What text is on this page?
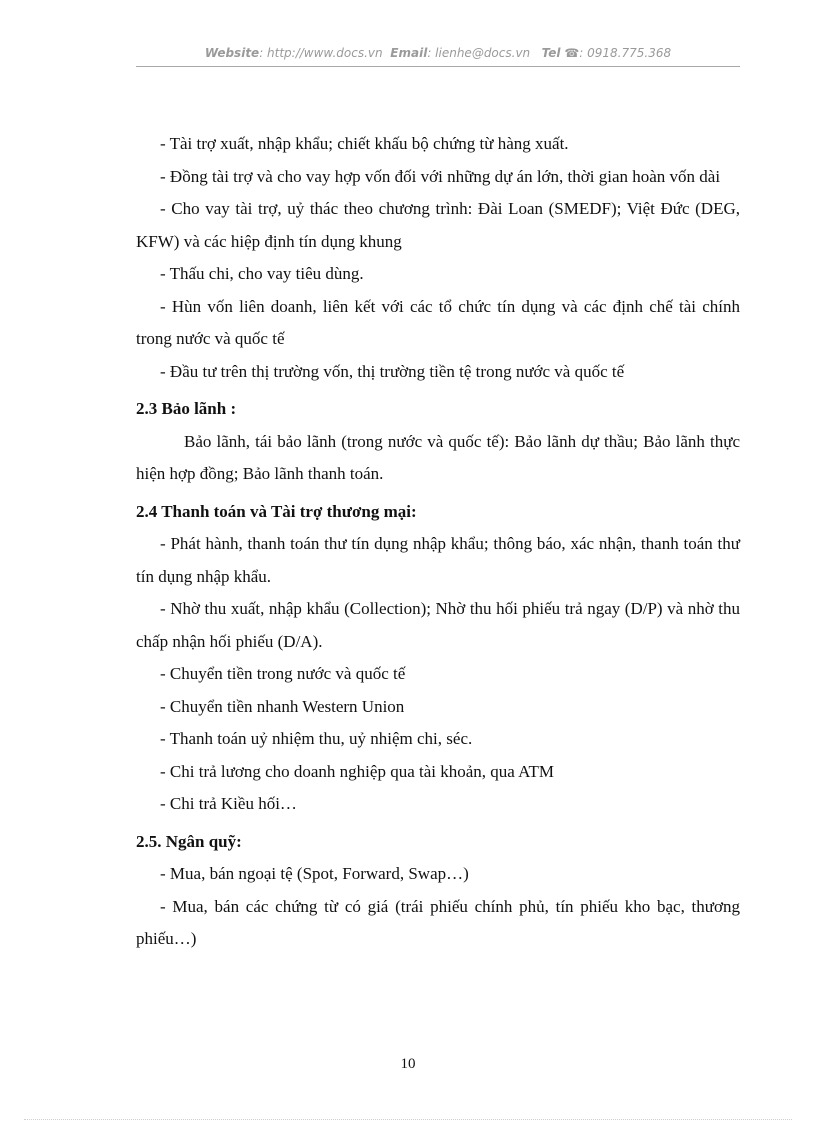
Website: http://www.docs.vn Email: lienhe@docs.vn Tel ☎: 0918.775.368

- Tài trợ xuất, nhập khẩu; chiết khấu bộ chứng từ hàng xuất.

- Đồng tài trợ và cho vay hợp vốn đối với những dự án lớn, thời gian hoàn vốn dài

- Cho vay tài trợ, uỷ thác theo chương trình: Đài Loan (SMEDF); Việt Đức (DEG, KFW) và các hiệp định tín dụng khung

- Thấu chi, cho vay tiêu dùng.

- Hùn vốn liên doanh, liên kết với các tổ chức tín dụng và các định chế tài chính trong nước và quốc tế

- Đầu tư trên thị trường vốn, thị trường tiền tệ trong nước và quốc tế

2.3 Bảo lãnh :

Bảo lãnh, tái bảo lãnh (trong nước và quốc tế): Bảo lãnh dự thầu; Bảo lãnh thực hiện hợp đồng; Bảo lãnh thanh toán.

2.4 Thanh toán và Tài trợ thương mại:

- Phát hành, thanh toán thư tín dụng nhập khẩu; thông báo, xác nhận, thanh toán thư tín dụng nhập khẩu.

- Nhờ thu xuất, nhập khẩu (Collection); Nhờ thu hối phiếu trả ngay (D/P) và nhờ thu chấp nhận hối phiếu (D/A).

- Chuyển tiền trong nước và quốc tế

- Chuyển tiền nhanh Western Union

- Thanh toán uỷ nhiệm thu, uỷ nhiệm chi, séc.

- Chi trả lương cho doanh nghiệp qua tài khoản, qua ATM

- Chi trả Kiều hối…

2.5. Ngân quỹ:

- Mua, bán ngoại tệ (Spot, Forward, Swap…)

- Mua, bán các chứng từ có giá (trái phiếu chính phủ, tín phiếu kho bạc, thương phiếu…)

10
